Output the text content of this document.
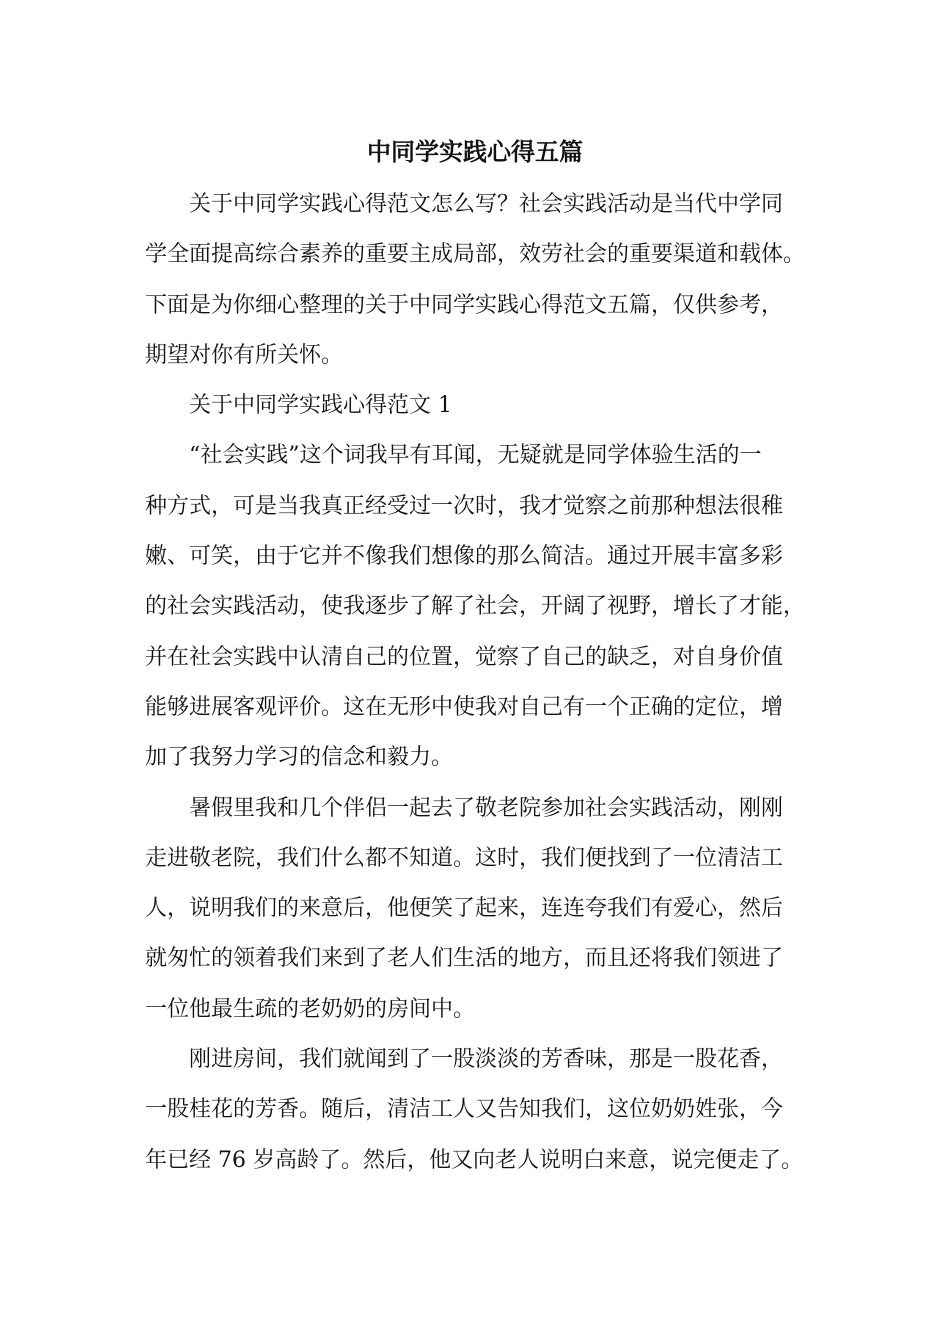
中同学实践心得五篇

关于中同学实践心得范文怎么写？社会实践活动是当代中学同
学全面提高综合素养的重要主成局部，效劳社会的重要渠道和载体。
下面是为你细心整理的关于中同学实践心得范文五篇，仅供参考，
期望对你有所关怀。

关于中同学实践心得范文 1

“社会实践”这个词我早有耳闻，无疑就是同学体验生活的一
种方式，可是当我真正经受过一次时，我才觉察之前那种想法很稚
嫩、可笑，由于它并不像我们想像的那么简洁。通过开展丰富多彩
的社会实践活动，使我逐步了解了社会，开阔了视野，增长了才能，
并在社会实践中认清自己的位置，觉察了自己的缺乏，对自身价值
能够进展客观评价。这在无形中使我对自己有一个正确的定位，增
加了我努力学习的信念和毅力。

暑假里我和几个伴侣一起去了敬老院参加社会实践活动，刚刚
走进敬老院，我们什么都不知道。这时，我们便找到了一位清洁工
人，说明我们的来意后，他便笑了起来，连连夸我们有爱心，然后
就匆忙的领着我们来到了老人们生活的地方，而且还将我们领进了
一位他最生疏的老奶奶的房间中。

刚进房间，我们就闻到了一股淡淡的芳香味，那是一股花香，
一股桂花的芳香。随后，清洁工人又告知我们，这位奶奶姓张，今
年已经 76 岁高龄了。然后，他又向老人说明白来意，说完便走了。
